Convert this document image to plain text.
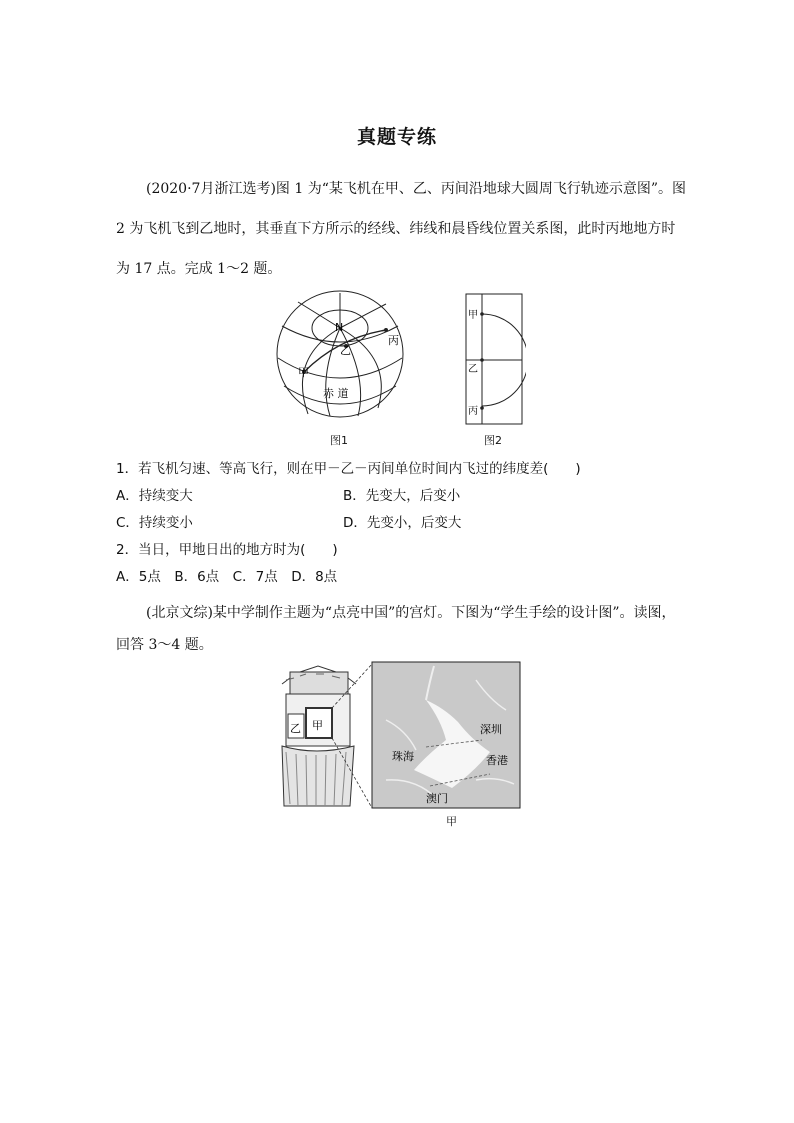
真题专练
(2020·7月浙江选考)图 1 为“某飞机在甲、乙、丙间沿地球大圆周飞行轨迹示意图”。图
2 为飞机飞到乙地时，其垂直下方所示的经线、纬线和晨昏线位置关系图，此时丙地地方时
为 17 点。完成 1～2 题。
N
乙
丙
甲
赤 道
图1
甲
乙
丙
图2
1．若飞机匀速、等高飞行，则在甲－乙－丙间单位时间内飞过的纬度差(　　)
A．持续变大	B．先变大，后变小
C．持续变小	D．先变小，后变大
2．当日，甲地日出的地方时为(　　)
A．5点　B．6点　C．7点　D．8点
(北京文综)某中学制作主题为“点亮中国”的宫灯。下图为“学生手绘的设计图”。读图，
回答 3～4 题。
乙 甲	深圳
珠海	香港
澳门
甲
